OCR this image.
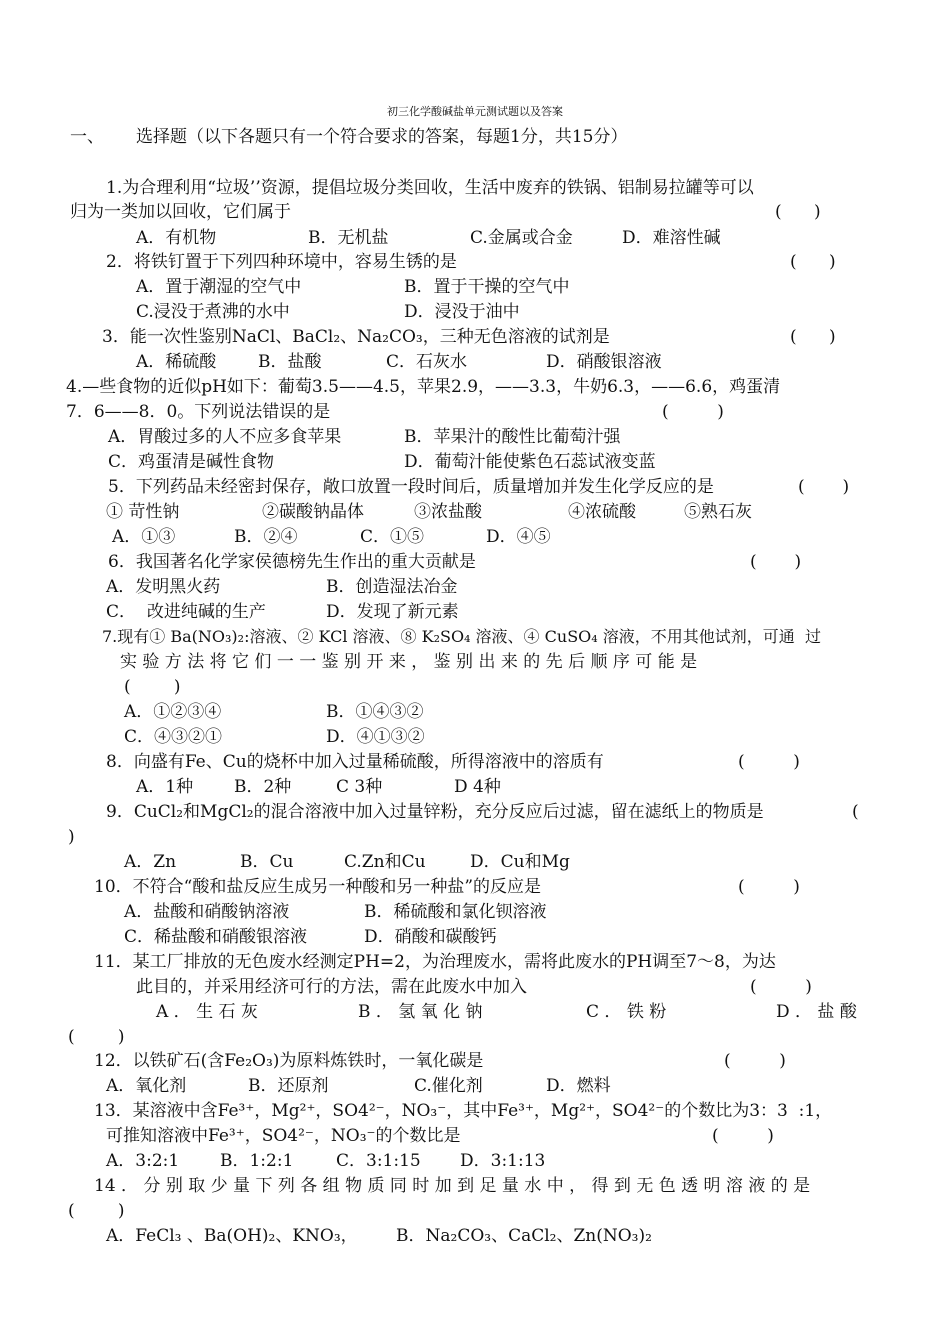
初三化学酸碱盐单元测试题以及答案
一、 选择题（以下各题只有一个符合要求的答案，每题1分，共15分）
1.为合理利用“垃圾’’资源，提倡垃圾分类回收，生活中废弃的铁锅、铝制易拉罐等可以
归为一类加以回收，它们属于	(      )
A．有机物	B．无机盐	C.金属或合金	D．难溶性碱
2．将铁钉置于下列四种环境中，容易生锈的是	(      )
A．置于潮湿的空气中	B．置于干操的空气中
C.浸没于煮沸的水中	D．浸没于油中
3．能一次性鉴别NaCl、BaCl₂、Na₂CO₃，三种无色溶液的试剂是	(      )
A．稀硫酸 B．盐酸	C．石灰水	D．硝酸银溶液
4.—些食物的近似pH如下：葡萄3.5——4.5，苹果2.9，——3.3，牛奶6.3，——6.6，鸡蛋清
7．6——8．0。下列说法错误的是	(         )
A．胃酸过多的人不应多食苹果	B．苹果汁的酸性比葡萄汁强
C．鸡蛋清是碱性食物	D．葡萄汁能使紫色石蕊试液变蓝
5．下列药品未经密封保存，敞口放置一段时间后，质量增加并发生化学反应的是	(       )
① 苛性钠	②碳酸钠晶体	③浓盐酸	④浓硫酸	⑤熟石灰
A．①③	B．②④	C．①⑤	D．④⑤
6．我国著名化学家侯德榜先生作出的重大贡献是	(       )
A．发明黑火药	B．创造湿法冶金
C．  改进纯碱的生产	D．发现了新元素
7.现有① Ba(NO₃)₂:溶液、② KCl 溶液、⑧ K₂SO₄ 溶液、④ CuSO₄ 溶液，不用其他试剂，可通  过
实 验 方 法 将 它 们 一 一 鉴 别 开 来 ， 鉴 别 出 来 的 先 后 顺 序 可 能 是
(        )
A．①②③④	B．①④③②
C．④③②①	D．④①③②
8．向盛有Fe、Cu的烧杯中加入过量稀硫酸，所得溶液中的溶质有	(         )
A．1种 B．2种	C 3种	D 4种
9．CuCl₂和MgCl₂的混合溶液中加入过量锌粉，充分反应后过滤，留在滤纸上的物质是	(
)
A．Zn	B．Cu	C.Zn和Cu	D．Cu和Mg
10．不符合“酸和盐反应生成另一种酸和另一种盐”的反应是	(         )
A．盐酸和硝酸钠溶液	B．稀硫酸和氯化钡溶液
C．稀盐酸和硝酸银溶液	D．硝酸和碳酸钙
11．某工厂排放的无色废水经测定PH=2，为治理废水，需将此废水的PH调至7～8，为达
此目的，并采用经济可行的方法，需在此废水中加入	(         )
A ． 生 石 灰	B ． 氢 氧 化 钠	C ． 铁 粉	D ． 盐 酸
(        )
12．以铁矿石(含Fe₂O₃)为原料炼铁时，一氧化碳是	(         )
A．氧化剂	B．还原剂	C.催化剂	D．燃料
13．某溶液中含Fe³⁺，Mg²⁺，SO4²⁻，NO₃⁻，其中Fe³⁺，Mg²⁺，SO4²⁻的个数比为3：3  :1，
可推知溶液中Fe³⁺，SO4²⁻，NO₃⁻的个数比是	(         )
A．3:2:1 B．1:2:1	C．3:1:15 D．3:1:13
14 ． 分 别 取 少 量 下 列 各 组 物 质 同 时 加 到 足 量 水 中 ， 得 到 无 色 透 明 溶 液 的 是
(        )
A．FeCl₃ 、Ba(OH)₂、KNO₃， B．Na₂CO₃、CaCl₂、Zn(NO₃)₂
